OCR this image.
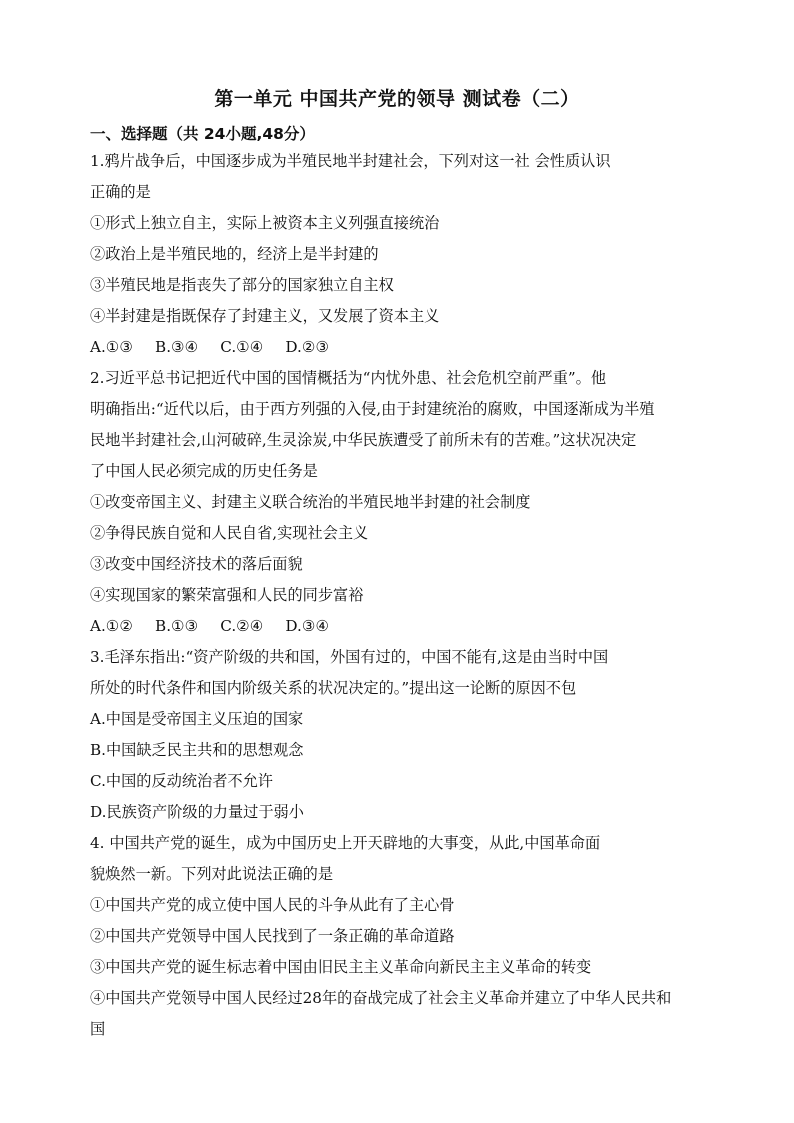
第一单元 中国共产党的领导 测试卷（二）
一、选择题（共 24小题,48分）
1.鸦片战争后，中国逐步成为半殖民地半封建社会，下列对这一社 会性质认识
正确的是
①形式上独立自主，实际上被资本主义列强直接统治
②政治上是半殖民地的，经济上是半封建的
③半殖民地是指丧失了部分的国家独立自主权
④半封建是指既保存了封建主义，又发展了资本主义
A.①③ B.③④ C.①④ D.②③
2.习近平总书记把近代中国的国情概括为“内忧外患、社会危机空前严重”。他
明确指出:“近代以后，由于西方列强的入侵,由于封建统治的腐败，中国逐渐成为半殖
民地半封建社会,山河破碎,生灵涂炭,中华民族遭受了前所未有的苦难。”这状况决定
了中国人民必须完成的历史任务是
①改变帝国主义、封建主义联合统治的半殖民地半封建的社会制度
②争得民族自觉和人民自省,实现社会主义
③改变中国经济技术的落后面貌
④实现国家的繁荣富强和人民的同步富裕
A.①② B.①③ C.②④ D.③④
3.毛泽东指出:“资产阶级的共和国，外国有过的，中国不能有,这是由当时中国
所处的时代条件和国内阶级关系的状况决定的。”提出这一论断的原因不包
A.中国是受帝国主义压迫的国家
B.中国缺乏民主共和的思想观念
C.中国的反动统治者不允许
D.民族资产阶级的力量过于弱小
4. 中国共产党的诞生，成为中国历史上开天辟地的大事变，从此,中国革命面
貌焕然一新。下列对此说法正确的是
①中国共产党的成立使中国人民的斗争从此有了主心骨
②中国共产党领导中国人民找到了一条正确的革命道路
③中国共产党的诞生标志着中国由旧民主主义革命向新民主主义革命的转变
④中国共产党领导中国人民经过28年的奋战完成了社会主义革命并建立了中华人民共和
国
